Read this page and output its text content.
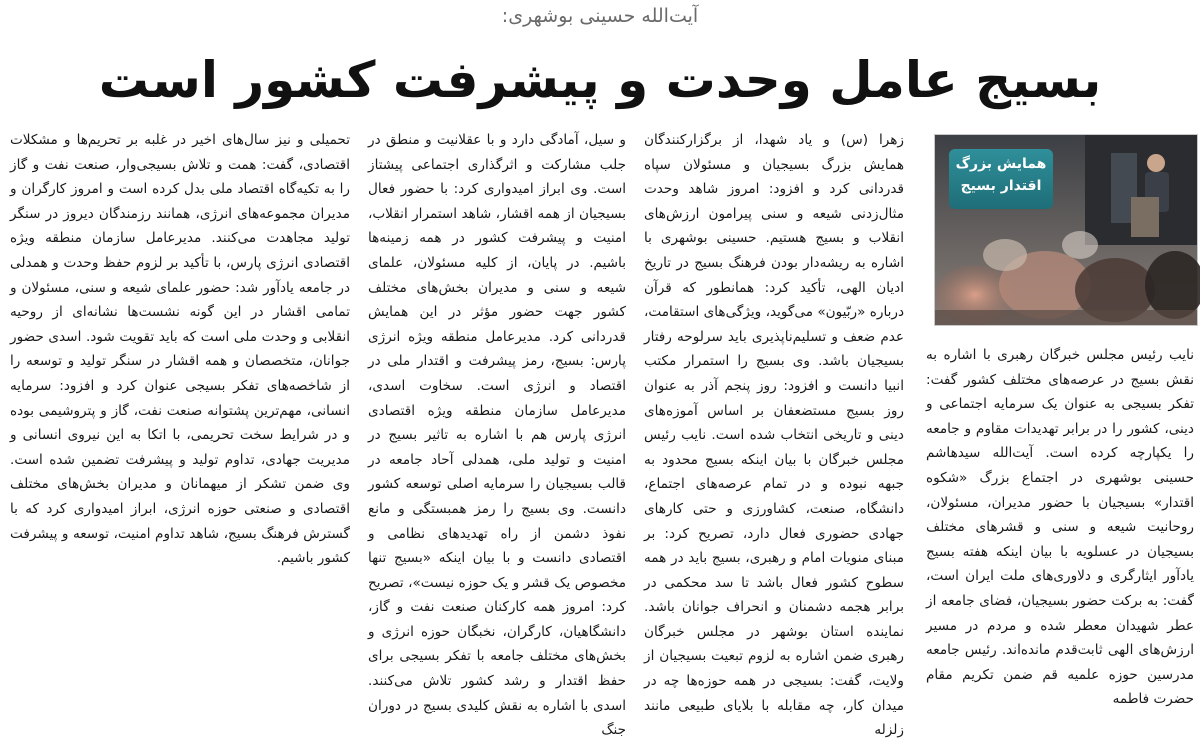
آیت‌الله حسینی بوشهری:
بسیج عامل وحدت و پیشرفت کشور است
همایش بزرگ
اقتدار بسیج

نایب رئیس مجلس خبرگان رهبری با اشاره به نقش بسیج در عرصه‌های مختلف کشور گفت: تفکر بسیجی به عنوان یک سرمایه اجتماعی و دینی، کشور را در برابر تهدیدات مقاوم و جامعه را یکپارچه کرده است. آیت‌الله سیدهاشم حسینی بوشهری در اجتماع بزرگ «شکوه اقتدار» بسیجیان با حضور مدیران، مسئولان، روحانیت شیعه و سنی و قشرهای مختلف بسیجیان در عسلویه با بیان اینکه هفته بسیج یادآور ایثارگری و دلاوری‌های ملت ایران است، گفت: به برکت حضور بسیجیان، فضای جامعه از عطر شهیدان معطر شده و مردم در مسیر ارزش‌های الهی ثابت‌قدم مانده‌اند. رئیس جامعه مدرسین حوزه علمیه قم ضمن تکریم مقام حضرت فاطمه

زهرا (س) و یاد شهدا، از برگزارکنندگان همایش بزرگ بسیجیان و مسئولان سپاه قدردانی کرد و افزود: امروز شاهد وحدت مثال‌زدنی شیعه و سنی پیرامون ارزش‌های انقلاب و بسیج هستیم. حسینی بوشهری با اشاره به ریشه‌دار بودن فرهنگ بسیج در تاریخ ادیان الهی، تأکید کرد: همانطور که قرآن درباره «ربّیون» می‌گوید، ویژگی‌های استقامت، عدم ضعف و تسلیم‌ناپذیری باید سرلوحه رفتار بسیجیان باشد. وی بسیج را استمرار مکتب انبیا دانست و افزود: روز پنجم آذر به عنوان روز بسیج مستضعفان بر اساس آموزه‌های دینی و تاریخی انتخاب شده است. نایب رئیس مجلس خبرگان با بیان اینکه بسیج محدود به جبهه نبوده و در تمام عرصه‌های اجتماع، دانشگاه، صنعت، کشاورزی و حتی کارهای جهادی حضوری فعال دارد، تصریح کرد: بر مبنای منویات امام و رهبری، بسیج باید در همه سطوح کشور فعال باشد تا سد محکمی در برابر هجمه دشمنان و انحراف جوانان باشد. نماینده استان بوشهر در مجلس خبرگان رهبری ضمن اشاره به لزوم تبعیت بسیجیان از ولایت، گفت: بسیجی در همه حوزه‌ها چه در میدان کار، چه مقابله با بلایای طبیعی مانند زلزله

و سیل، آمادگی دارد و با عقلانیت و منطق در جلب مشارکت و اثرگذاری اجتماعی پیشتاز است. وی ابراز امیدواری کرد: با حضور فعال بسیجیان از همه اقشار، شاهد استمرار انقلاب، امنیت و پیشرفت کشور در همه زمینه‌ها باشیم. در پایان، از کلیه مسئولان، علمای شیعه و سنی و مدیران بخش‌های مختلف کشور جهت حضور مؤثر در این همایش قدردانی کرد. مدیرعامل منطقه ویژه انرژی پارس: بسیج، رمز پیشرفت و اقتدار ملی در اقتصاد و انرژی است. سخاوت اسدی، مدیرعامل سازمان منطقه ویژه اقتصادی انرژی پارس هم با اشاره به تاثیر بسیج در امنیت و تولید ملی، همدلی آحاد جامعه در قالب بسیجیان را سرمایه اصلی توسعه کشور دانست. وی بسیج را رمز همبستگی و مانع نفوذ دشمن از راه تهدیدهای نظامی و اقتصادی دانست و با بیان اینکه «بسیج تنها مخصوص یک قشر و یک حوزه نیست»، تصریح کرد: امروز همه کارکنان صنعت نفت و گاز، دانشگاهیان، کارگران، نخبگان حوزه انرژی و بخش‌های مختلف جامعه با تفکر بسیجی برای حفظ اقتدار و رشد کشور تلاش می‌کنند. اسدی با اشاره به نقش کلیدی بسیج در دوران جنگ

تحمیلی و نیز سال‌های اخیر در غلبه بر تحریم‌ها و مشکلات اقتصادی، گفت: همت و تلاش بسیجی‌وار، صنعت نفت و گاز را به تکیه‌گاه اقتصاد ملی بدل کرده است و امروز کارگران و مدیران مجموعه‌های انرژی، همانند رزمندگان دیروز در سنگر تولید مجاهدت می‌کنند. مدیرعامل سازمان منطقه ویژه اقتصادی انرژی پارس، با تأکید بر لزوم حفظ وحدت و همدلی در جامعه یادآور شد: حضور علمای شیعه و سنی، مسئولان و تمامی اقشار در این گونه نشست‌ها نشانه‌ای از روحیه انقلابی و وحدت ملی است که باید تقویت شود. اسدی حضور جوانان، متخصصان و همه اقشار در سنگر تولید و توسعه را از شاخصه‌های تفکر بسیجی عنوان کرد و افزود: سرمایه انسانی، مهم‌ترین پشتوانه صنعت نفت، گاز و پتروشیمی بوده و در شرایط سخت تحریمی، با اتکا به این نیروی انسانی و مدیریت جهادی، تداوم تولید و پیشرفت تضمین شده است. وی ضمن تشکر از میهمانان و مدیران بخش‌های مختلف اقتصادی و صنعتی حوزه انرژی، ابراز امیدواری کرد که با گسترش فرهنگ بسیج، شاهد تداوم امنیت، توسعه و پیشرفت کشور باشیم.
